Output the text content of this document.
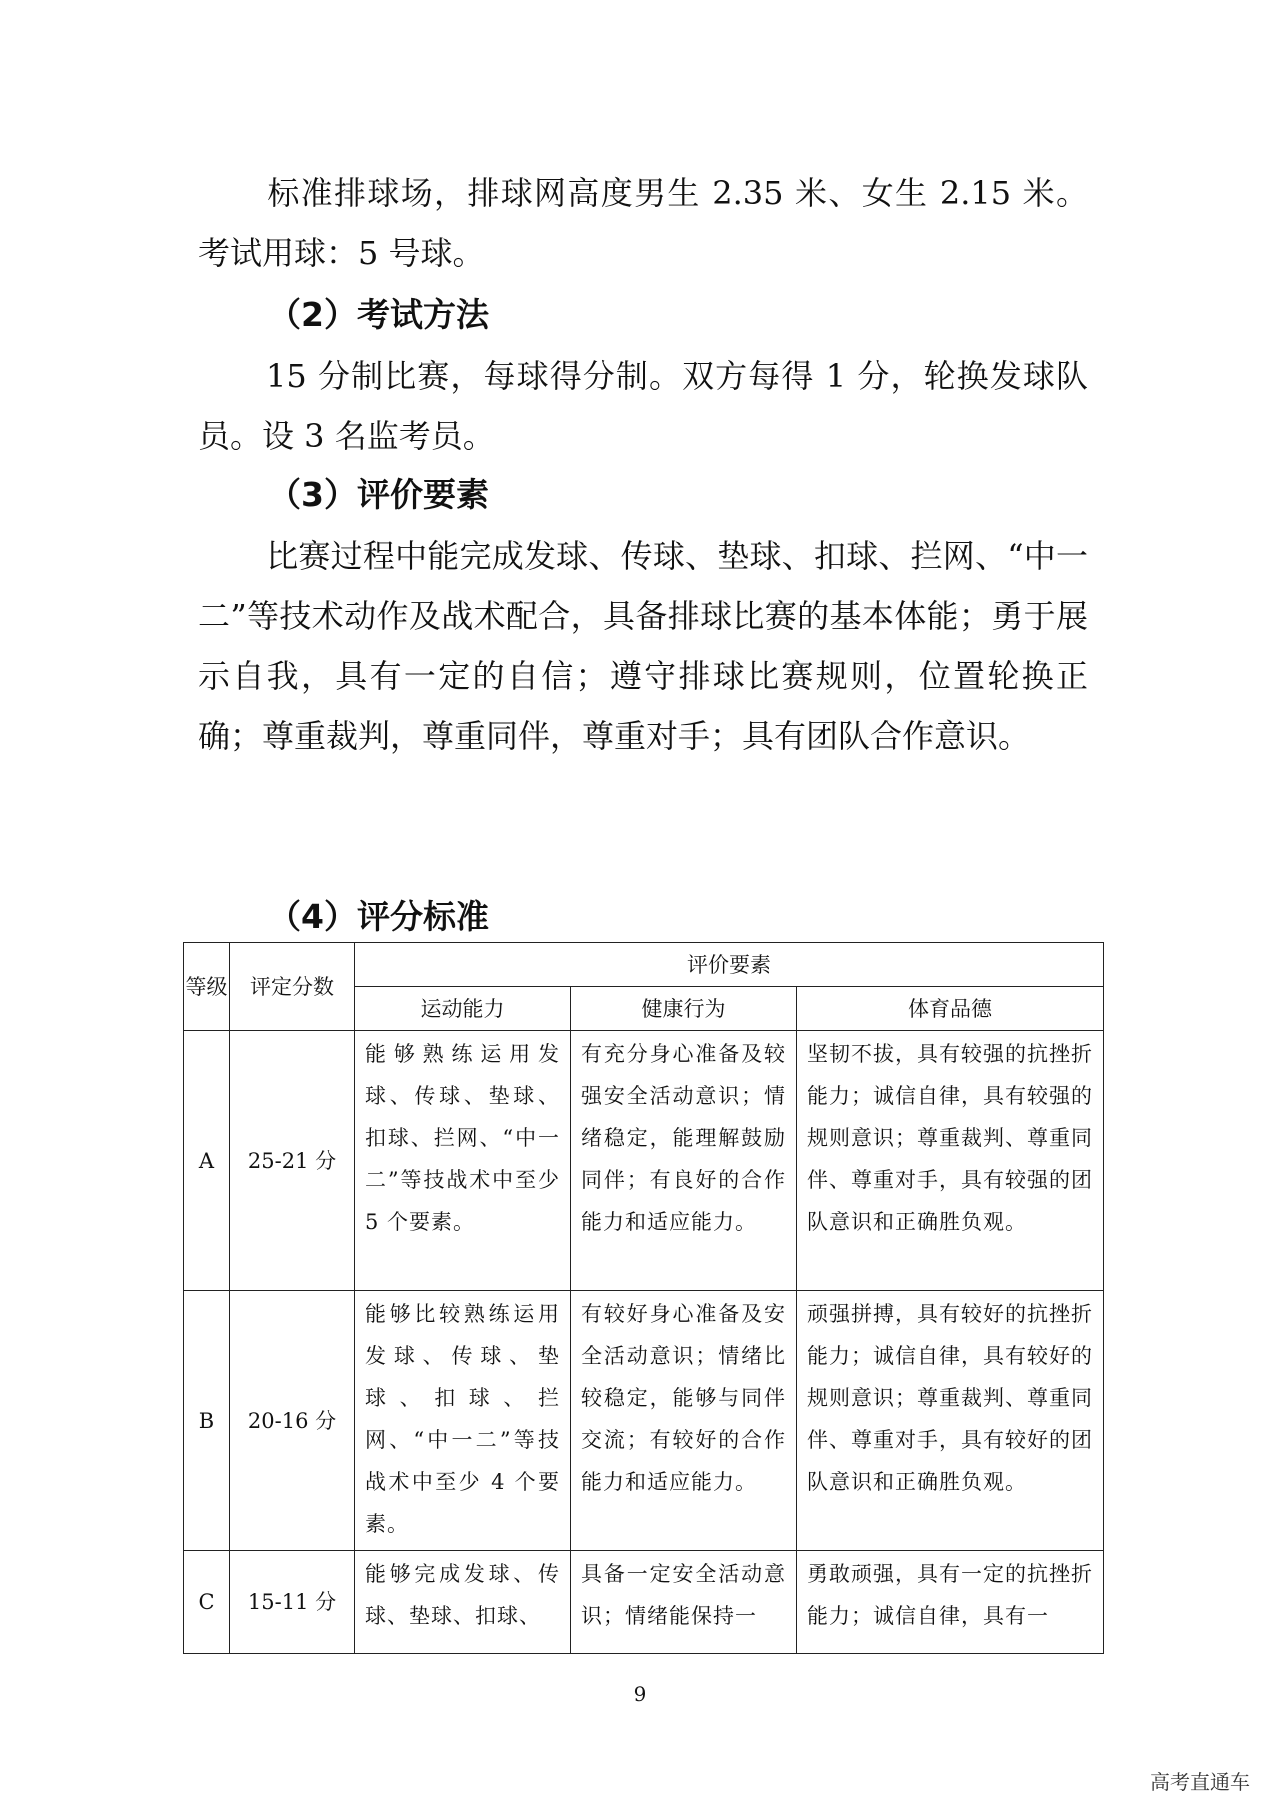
标准排球场，排球网高度男生 2.35 米、女生 2.15 米。考试用球：5 号球。

（2）考试方法

15 分制比赛，每球得分制。双方每得 1 分，轮换发球队员。设 3 名监考员。

（3）评价要素

比赛过程中能完成发球、传球、垫球、扣球、拦网、“中一二”等技术动作及战术配合，具备排球比赛的基本体能；勇于展示自我，具有一定的自信；遵守排球比赛规则，位置轮换正确；尊重裁判，尊重同伴，尊重对手；具有团队合作意识。

（4）评分标准
等级	评定分数	评价要素		
		运动能力	健康行为	体育品德
A	25-21 分	能够熟练运用发球、传球、垫球、扣球、拦网、“中一二”等技战术中至少 5 个要素。	有充分身心准备及较强安全活动意识；情绪稳定，能理解鼓励同伴；有良好的合作能力和适应能力。	坚韧不拔，具有较强的抗挫折能力；诚信自律，具有较强的规则意识；尊重裁判、尊重同伴、尊重对手，具有较强的团队意识和正确胜负观。
B	20-16 分	能够比较熟练运用发球、传球、垫球、扣球、拦网、“中一二”等技战术中至少 4 个要素。	有较好身心准备及安全活动意识；情绪比较稳定，能够与同伴交流；有较好的合作能力和适应能力。	顽强拼搏，具有较好的抗挫折能力；诚信自律，具有较好的规则意识；尊重裁判、尊重同伴、尊重对手，具有较好的团队意识和正确胜负观。
C	15-11 分	能够完成发球、传球、垫球、扣球、	具备一定安全活动意识；情绪能保持一	勇敢顽强，具有一定的抗挫折能力；诚信自律，具有一
9
高考直通车
